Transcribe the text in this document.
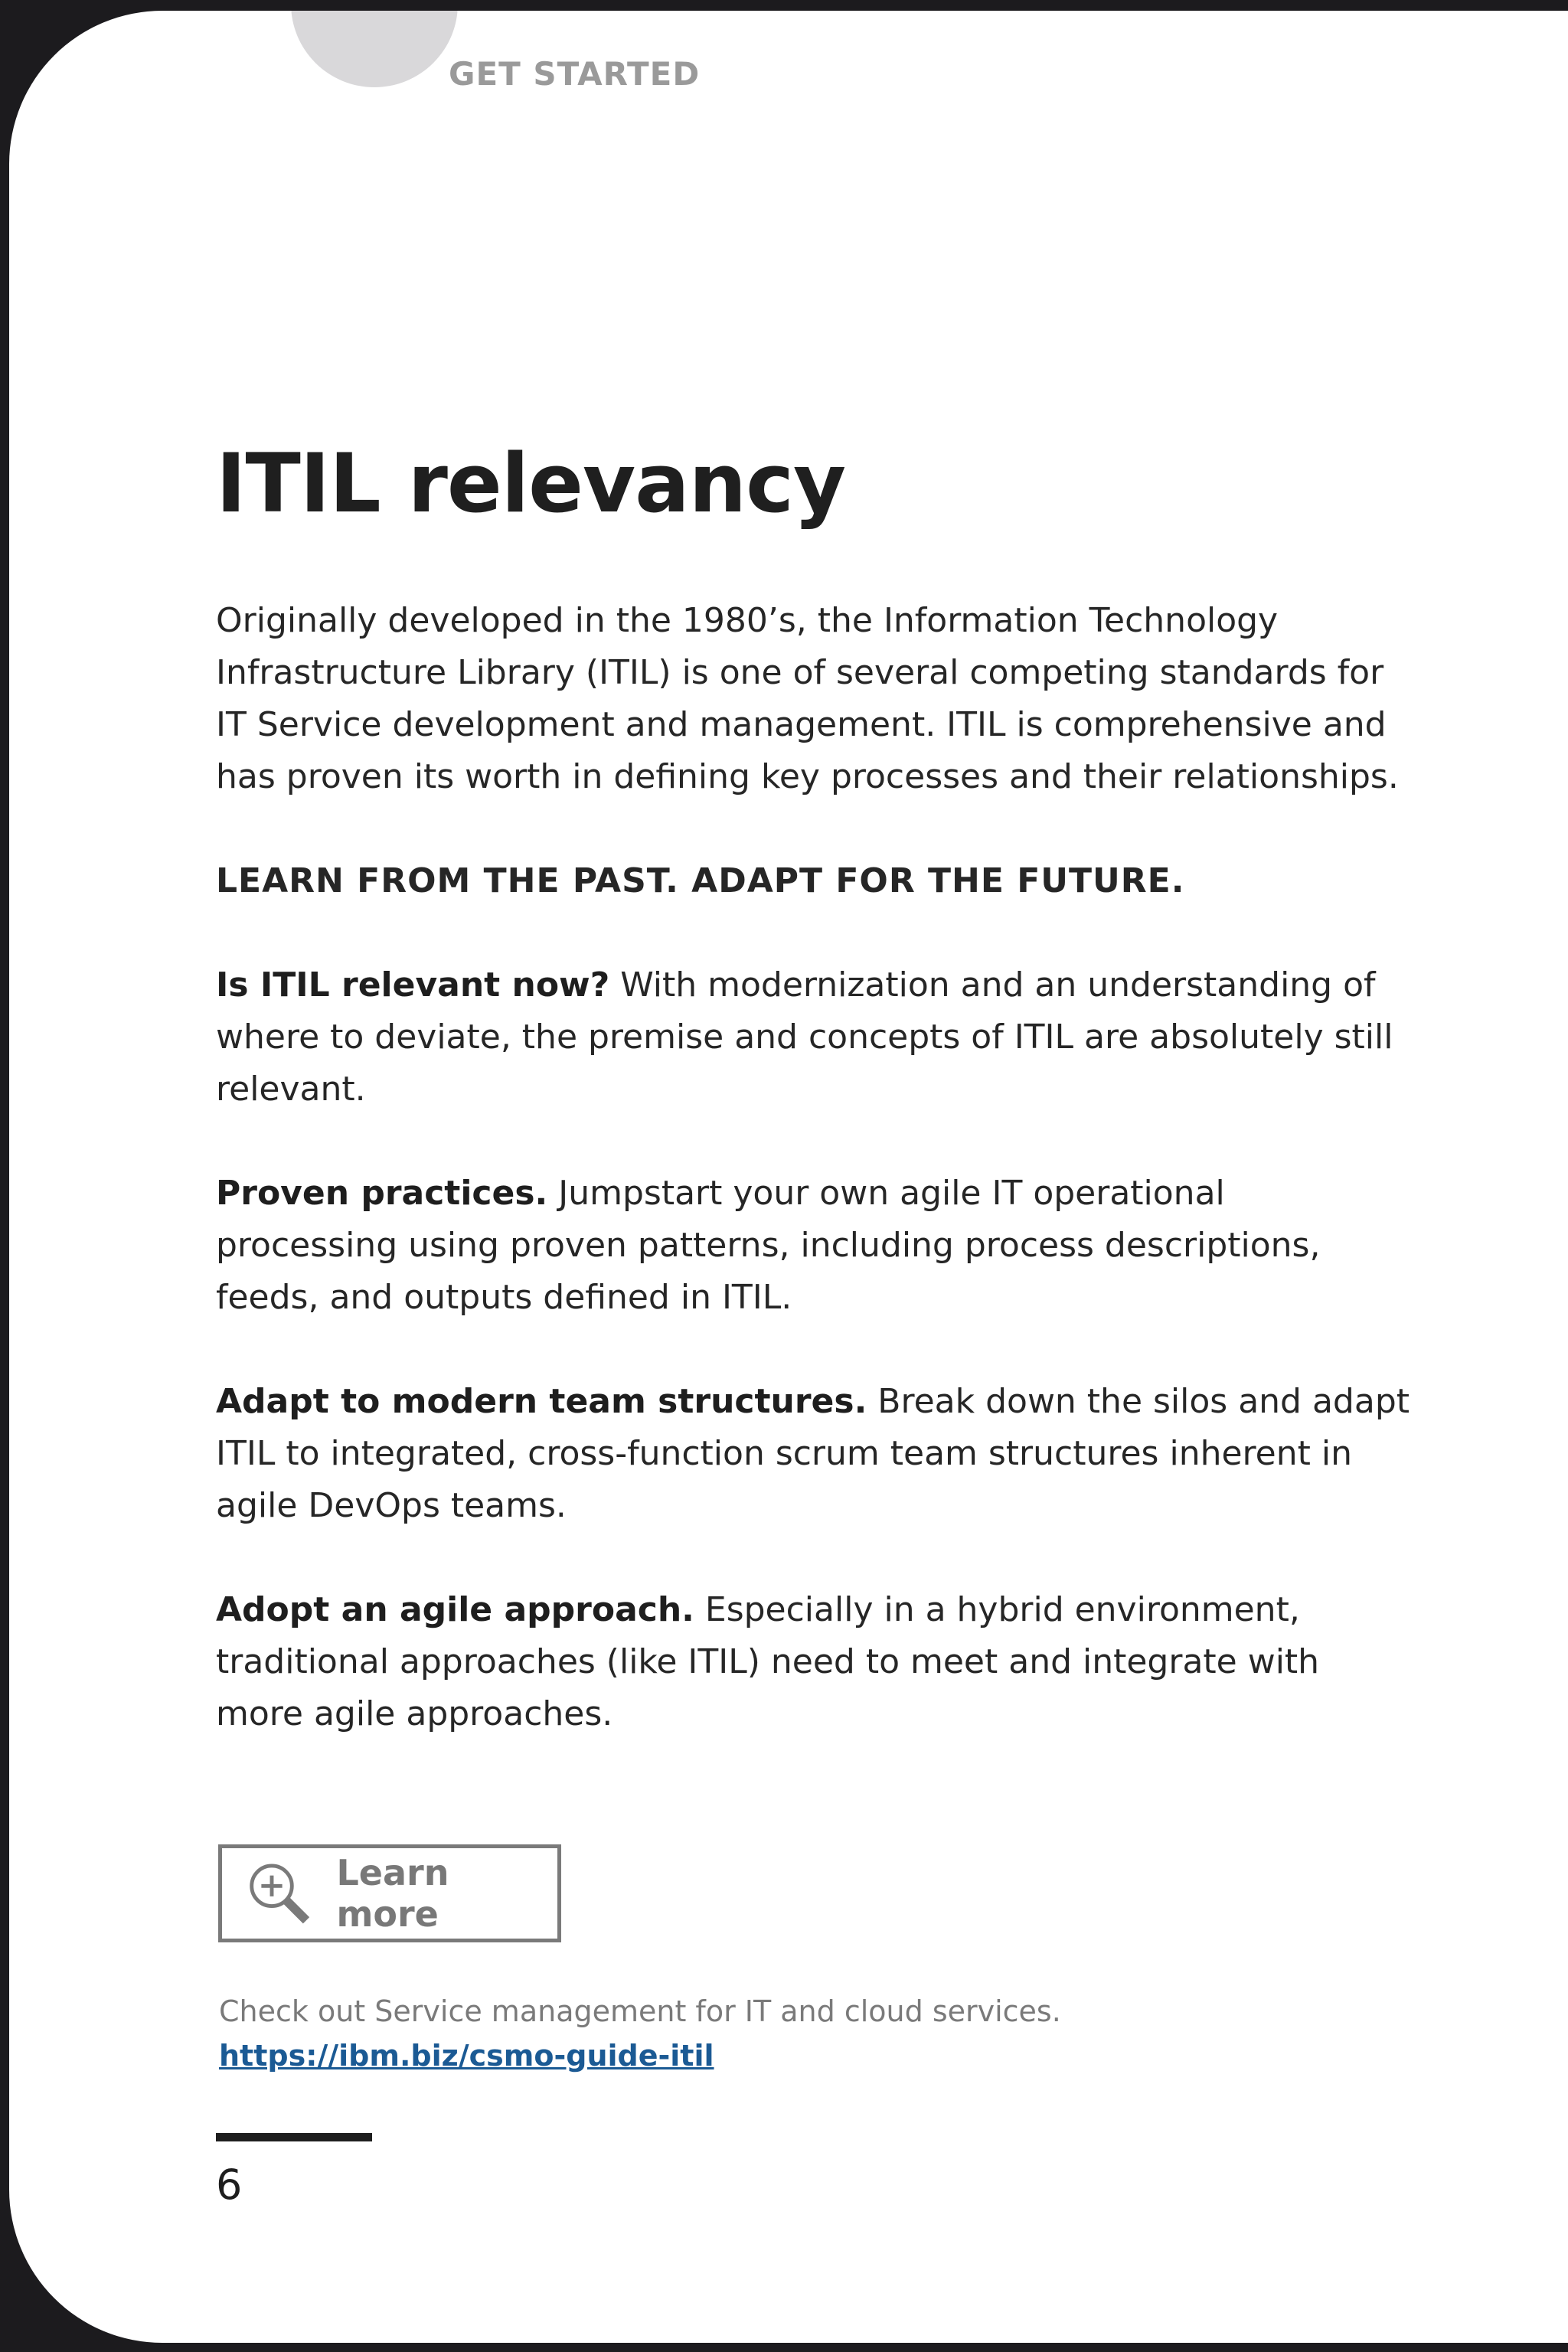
GET STARTED
ITIL relevancy

Originally developed in the 1980’s, the Information Technology Infrastructure Library (ITIL) is one of several competing standards for IT Service development and management. ITIL is comprehensive and has proven its worth in defining key processes and their relationships.

LEARN FROM THE PAST. ADAPT FOR THE FUTURE.

Is ITIL relevant now? With modernization and an understanding of where to deviate, the premise and concepts of ITIL are absolutely still relevant.

Proven practices. Jumpstart your own agile IT operational processing using proven patterns, including process descriptions, feeds, and outputs defined in ITIL.

Adapt to modern team structures. Break down the silos and adapt ITIL to integrated, cross-function scrum team structures inherent in agile DevOps teams.

Adopt an agile approach. Especially in a hybrid environment, traditional approaches (like ITIL) need to meet and integrate with more agile approaches.

Learn more
Check out Service management for IT and cloud services.
https://ibm.biz/csmo-guide-itil
6
